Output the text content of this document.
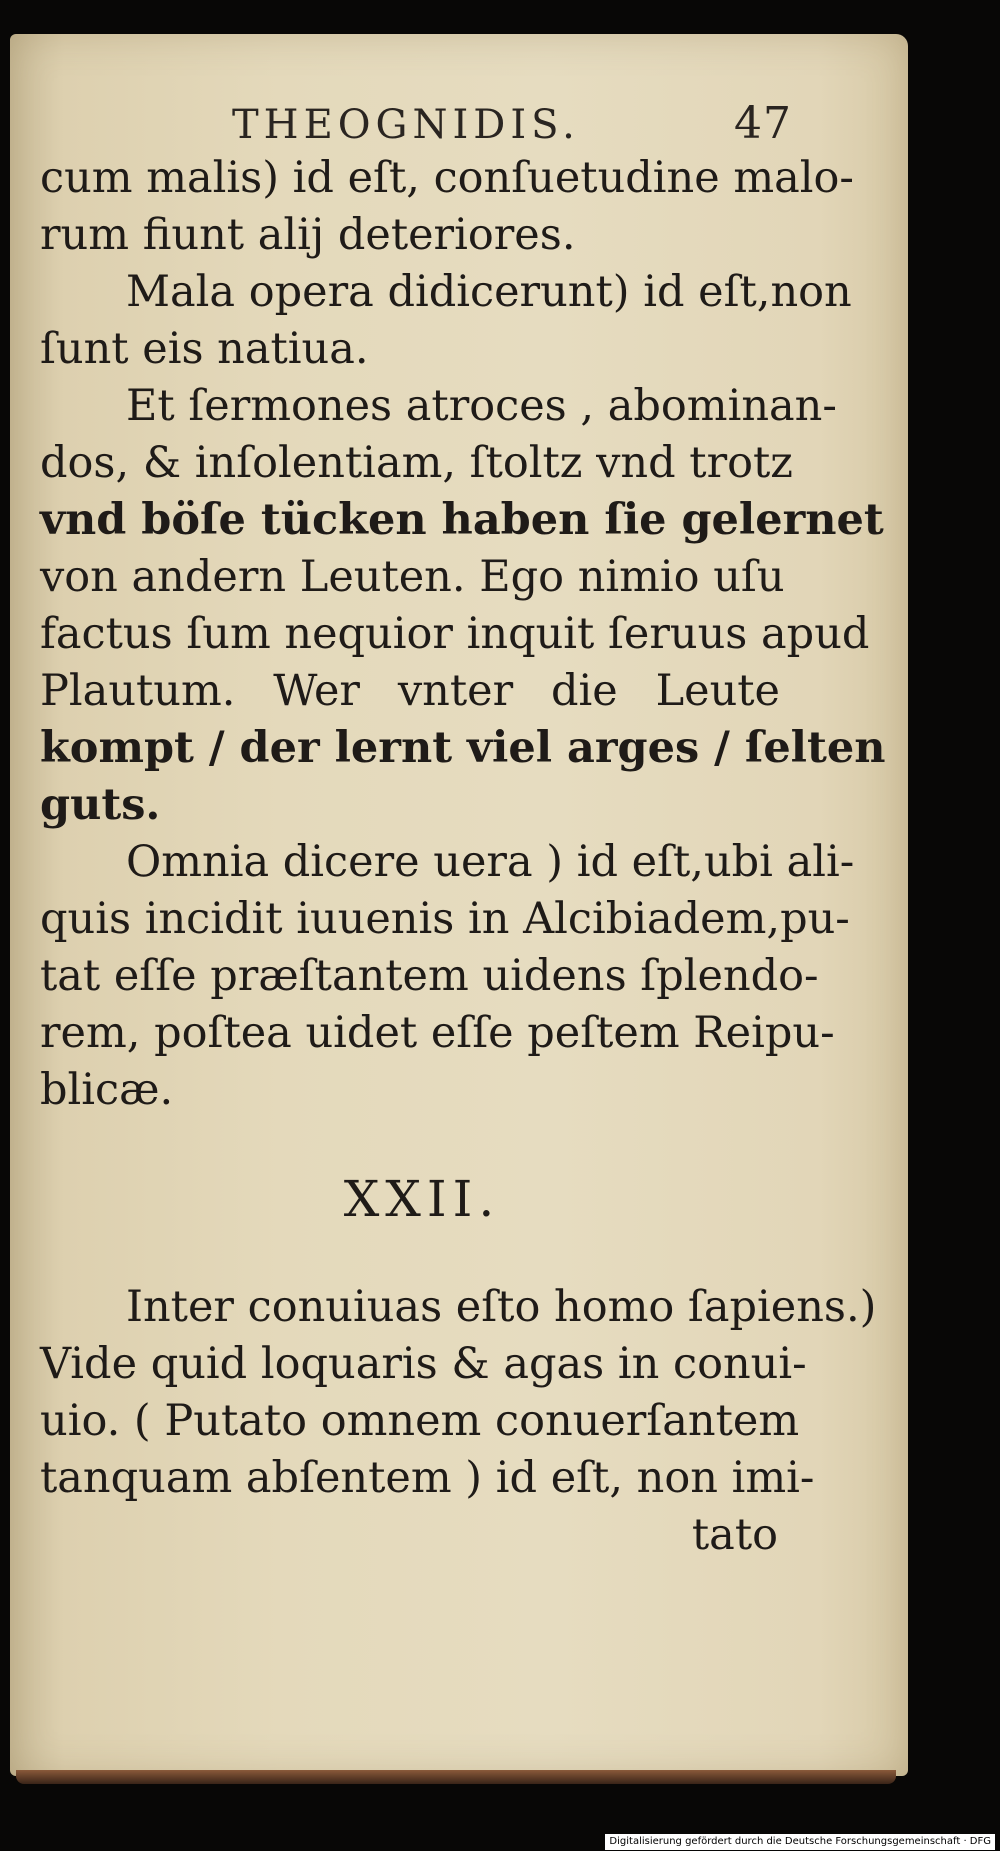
THEOGNIDIS.	47
cum malis) id eſt, conſuetudine malo-
rum fiunt alij deteriores.
Mala opera didicerunt) id eſt,non
ſunt eis natiua.
Et ſermones atroces , abominan-
dos, & inſolentiam, ſtoltz vnd trotz
vnd böſe tücken haben ſie gelernet
von andern Leuten. Ego nimio uſu
factus ſum nequior inquit ſeruus apud
Plautum. Wer vnter die Leute
kompt / der lernt viel arges / ſelten
guts.
Omnia dicere uera ) id eſt,ubi ali-
quis incidit iuuenis in Alcibiadem,pu-
tat eſſe præſtantem uidens ſplendo-
rem, poſtea uidet eſſe peſtem Reipu-
blicæ.
XXII.
Inter conuiuas eſto homo ſapiens.)
Vide quid loquaris & agas in conui-
uio. ( Putato omnem conuerſantem
tanquam abſentem ) id eſt, non imi-
tato
Digitalisierung gefördert durch die Deutsche Forschungsgemeinschaft · DFG
